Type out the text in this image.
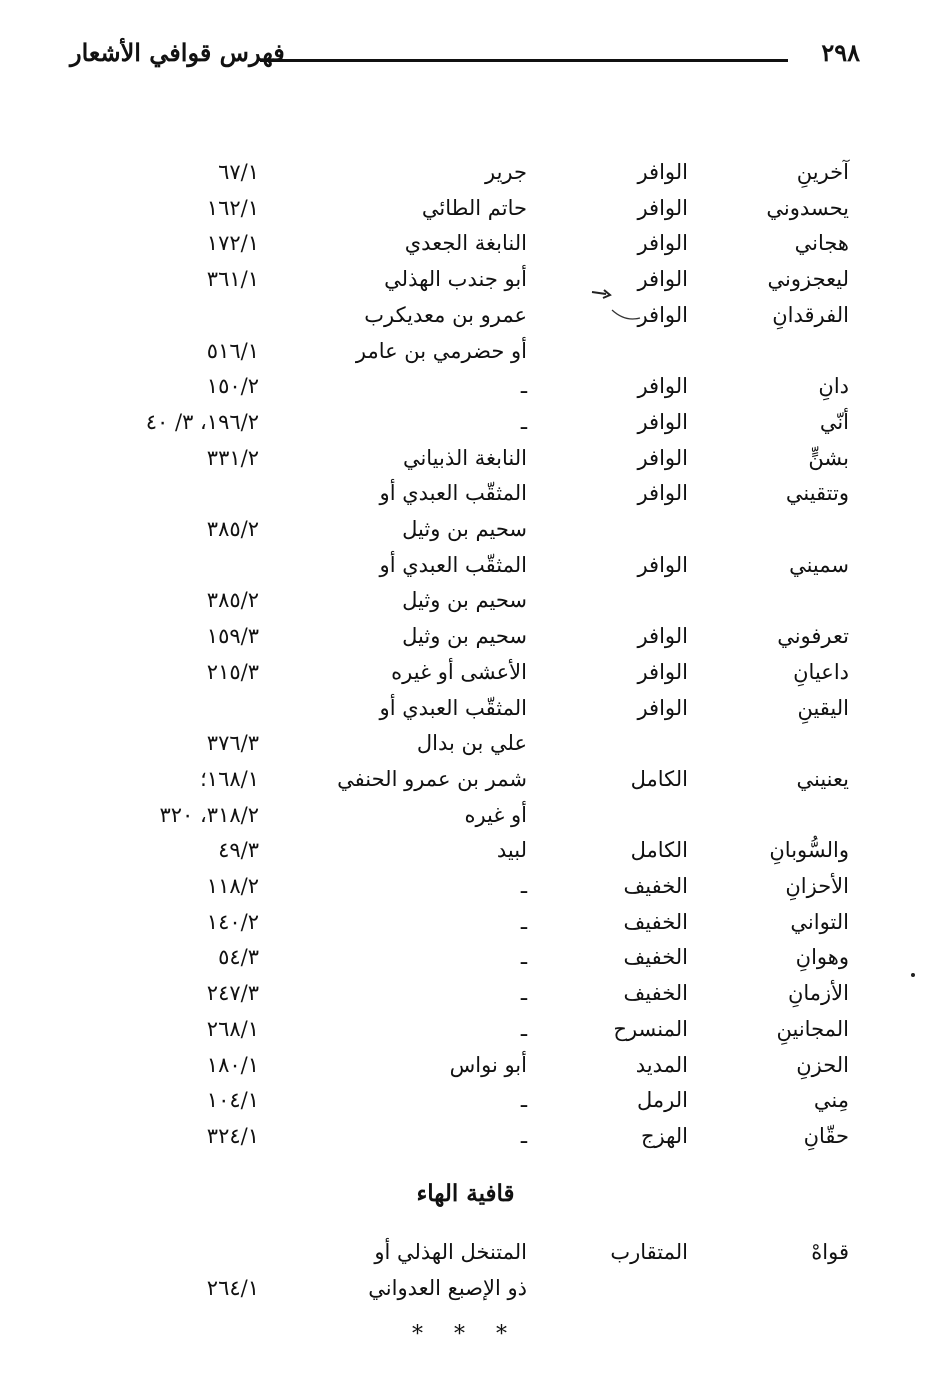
٢٩٨
فهرس قوافي الأشعار
آخرينِ
الوافر
جرير
٦٧/١
يحسدوني
الوافر
حاتم الطائي
١٦٢/١
هجاني
الوافر
النابغة الجعدي
١٧٢/١
ليعجزوني
الوافر
أبو جندب الهذلي
٣٦١/١
الفرقدانِ
الوافر
عمرو بن معديكرب
أو حضرمي بن عامر
٥١٦/١
دانِ
الوافر
ـ
١٥٠/٢
أنّي
الوافر
ـ
١٩٦/٢، ٣/ ٤٠
بشنٍّ
الوافر
النابغة الذبياني
٣٣١/٢
وتتقيني
الوافر
المثقّب العبدي أو
سحيم بن وثيل
٣٨٥/٢
سميني
الوافر
المثقّب العبدي أو
سحيم بن وثيل
٣٨٥/٢
تعرفوني
الوافر
سحيم بن وثيل
١٥٩/٣
داعيانِ
الوافر
الأعشى أو غيره
٢١٥/٣
اليقينِ
الوافر
المثقّب العبدي أو
علي بن بدال
٣٧٦/٣
يعنيني
الكامل
شمر بن عمرو الحنفي
١٦٨/١؛
أو غيره
٣١٨/٢، ٣٢٠
والسُّوبانِ
الكامل
لبيد
٤٩/٣
الأحزانِ
الخفيف
ـ
١١٨/٢
التواني
الخفيف
ـ
١٤٠/٢
وهوانِ
الخفيف
ـ
٥٤/٣
الأزمانِ
الخفيف
ـ
٢٤٧/٣
المجانينِ
المنسرح
ـ
٢٦٨/١
الحزنِ
المديد
أبو نواس
١٨٠/١
مِني
الرمل
ـ
١٠٤/١
حقّانِ
الهزج
ـ
٣٢٤/١
قافية الهاء
قواهْ
المتقارب
المتنخل الهذلي أو
ذو الإصبع العدواني
٢٦٤/١
* * *
